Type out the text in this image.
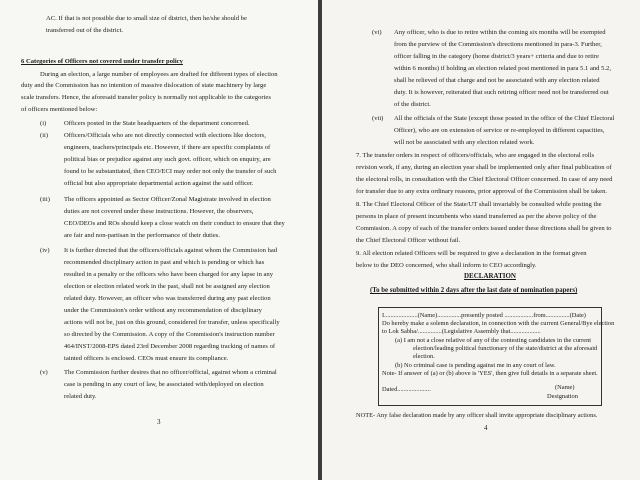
AC. If that is not possible due to small size of district, then he/she should be
transferred out of the district.
6 Categories of Officers not covered under transfer policy
During an election, a large number of employees are drafted for different types of election
duty and the Commission has no intention of massive dislocation of state machinery by large
scale transfers. Hence, the aforesaid transfer policy is normally not applicable to the categories
of officers mentioned below:
(i)	Officers posted in the State headquarters of the department concerned.
(ii) Officers/Officials who are not directly connected with elections like doctors,
engineers, teachers/principals etc. However, if there are specific complaints of
political bias or prejudice against any such govt. officer, which on enquiry, are
found to be substantiated, then CEO/ECI may order not only the transfer of such
official but also appropriate departmental action against the said officer.
(iii) The officers appointed as Sector Officer/Zonal Magistrate involved in election
duties are not covered under these instructions. However, the observers,
CEO/DEOs and ROs should keep a close watch on their conduct to ensure that they
are fair and non-partisan in the performance of their duties.
(iv) It is further directed that the officers/officials against whom the Commission had
recommended disciplinary action in past and which is pending or which has
resulted in a penalty or the officers who have been charged for any lapse in any
election or election related work in the past, shall not be assigned any election
related duty. However, an officer who was transferred during any past election
under the Commission's order without any recommendation of disciplinary
actions will not be, just on this ground, considered for transfer, unless specifically
so directed by the Commission. A copy of the Commission's instruction number
464/INST/2008-EPS dated 23rd December 2008 regarding tracking of names of
tainted officers is enclosed. CEOs must ensure its compliance.
(v) The Commission further desires that no officer/official, against whom a criminal
case is pending in any court of law, be associated with/deployed on election
related duty.
3
(vi) Any officer, who is due to retire within the coming six months will be exempted
from the purview of the Commission's directions mentioned in para-3. Further,
officer falling in the category (home district/3 years+ criteria and due to retire
within 6 months) if holding an election related post mentioned in para 5.1 and 5.2,
shall be relieved of that charge and not be associated with any election related
duty. It is however, reiterated that such retiring officer need not be transferred out
of the district.
(vii) All the officials of the State (except those posted in the office of the Chief Electoral
Officer), who are on extension of service or re-employed in different capacities,
will not be associated with any election related work.
7. The transfer orders in respect of officers/officials, who are engaged in the electoral rolls
revision work, if any, during an election year shall be implemented only after final publication of
the electoral rolls, in consultation with the Chief Electoral Officer concerned. In case of any need
for transfer due to any extra ordinary reasons, prior approval of the Commission shall be taken.
8. The Chief Electoral Officer of the State/UT shall invariably be consulted while posting the
persons in place of present incumbents who stand transferred as per the above policy of the
Commission. A copy of each of the transfer orders issued under these directions shall be given to
the Chief Electoral Officer without fail.
9. All election related Officers will be required to give a declaration in the format given
below to the DEO concerned, who shall inform to CEO accordingly.
DECLARATION
(To be submitted within 2 days after the last date of nomination papers)
I.....................(Name)...............presently posted ..................from...............(Date)
Do hereby make a solemn declaration, in connection with the current General/Bye election
to Lok Sabha/...............(Legislative Assembly that...................
(a) I am not a close relative of any of the contesting candidates in the current
election/leading political functionary of the state/district at the aforesaid
election.
(b) No criminal case is pending against me in any court of law.
Note- If answer of (a) or (b) above is 'YES', then give full details in a separate sheet.
Dated.....................	(Name)
Designation
NOTE- Any false declaration made by any officer shall invite appropriate disciplinary actions.
4
